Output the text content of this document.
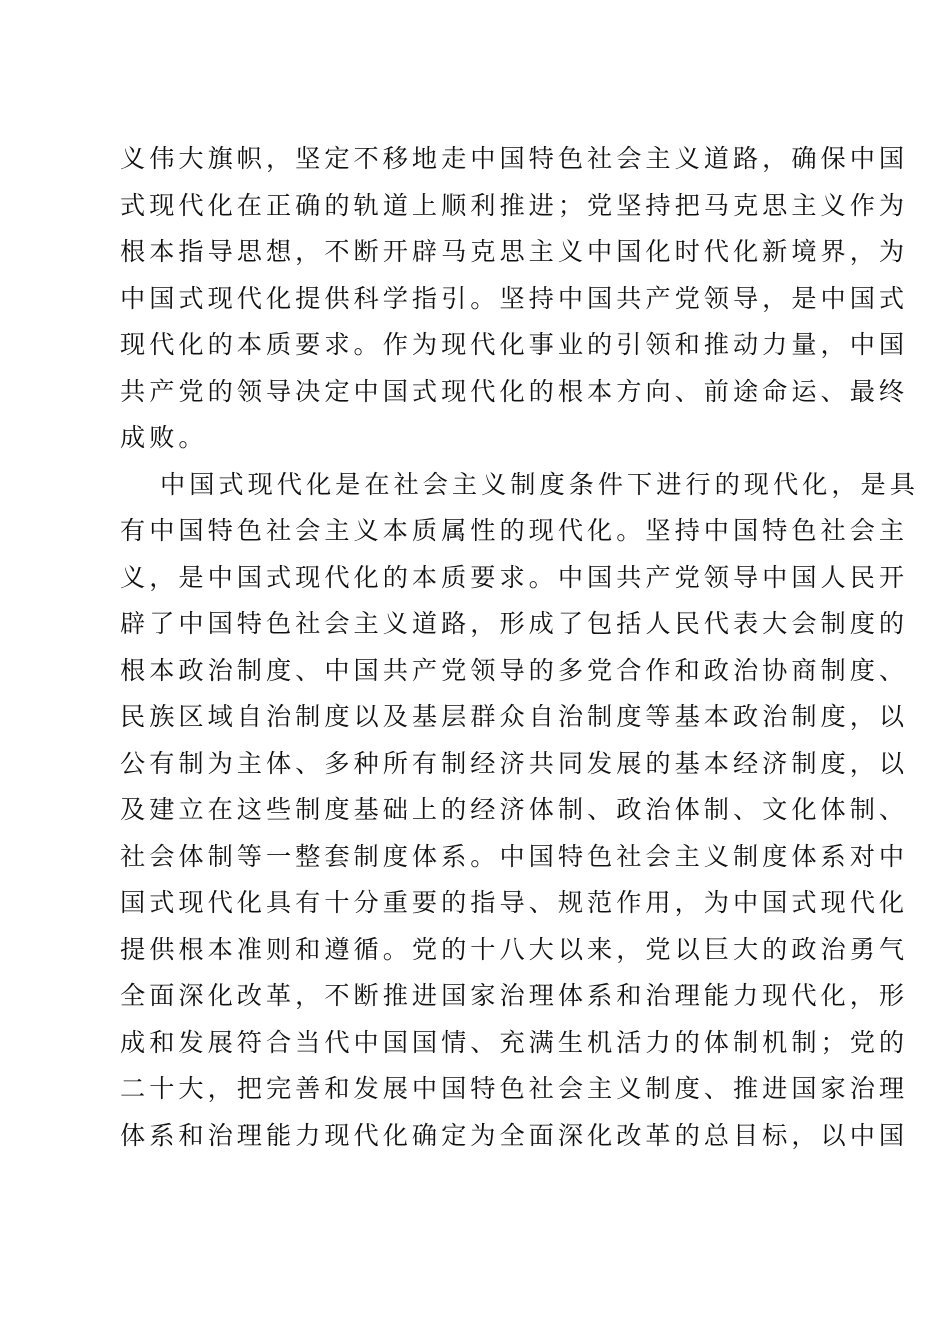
义伟大旗帜，坚定不移地走中国特色社会主义道路，确保中国
式现代化在正确的轨道上顺利推进；党坚持把马克思主义作为
根本指导思想，不断开辟马克思主义中国化时代化新境界，为
中国式现代化提供科学指引。坚持中国共产党领导，是中国式
现代化的本质要求。作为现代化事业的引领和推动力量，中国
共产党的领导决定中国式现代化的根本方向、前途命运、最终
成败。
中国式现代化是在社会主义制度条件下进行的现代化，是具
有中国特色社会主义本质属性的现代化。坚持中国特色社会主
义，是中国式现代化的本质要求。中国共产党领导中国人民开
辟了中国特色社会主义道路，形成了包括人民代表大会制度的
根本政治制度、中国共产党领导的多党合作和政治协商制度、
民族区域自治制度以及基层群众自治制度等基本政治制度，以
公有制为主体、多种所有制经济共同发展的基本经济制度，以
及建立在这些制度基础上的经济体制、政治体制、文化体制、
社会体制等一整套制度体系。中国特色社会主义制度体系对中
国式现代化具有十分重要的指导、规范作用，为中国式现代化
提供根本准则和遵循。党的十八大以来，党以巨大的政治勇气
全面深化改革，不断推进国家治理体系和治理能力现代化，形
成和发展符合当代中国国情、充满生机活力的体制机制；党的
二十大，把完善和发展中国特色社会主义制度、推进国家治理
体系和治理能力现代化确定为全面深化改革的总目标，以中国
